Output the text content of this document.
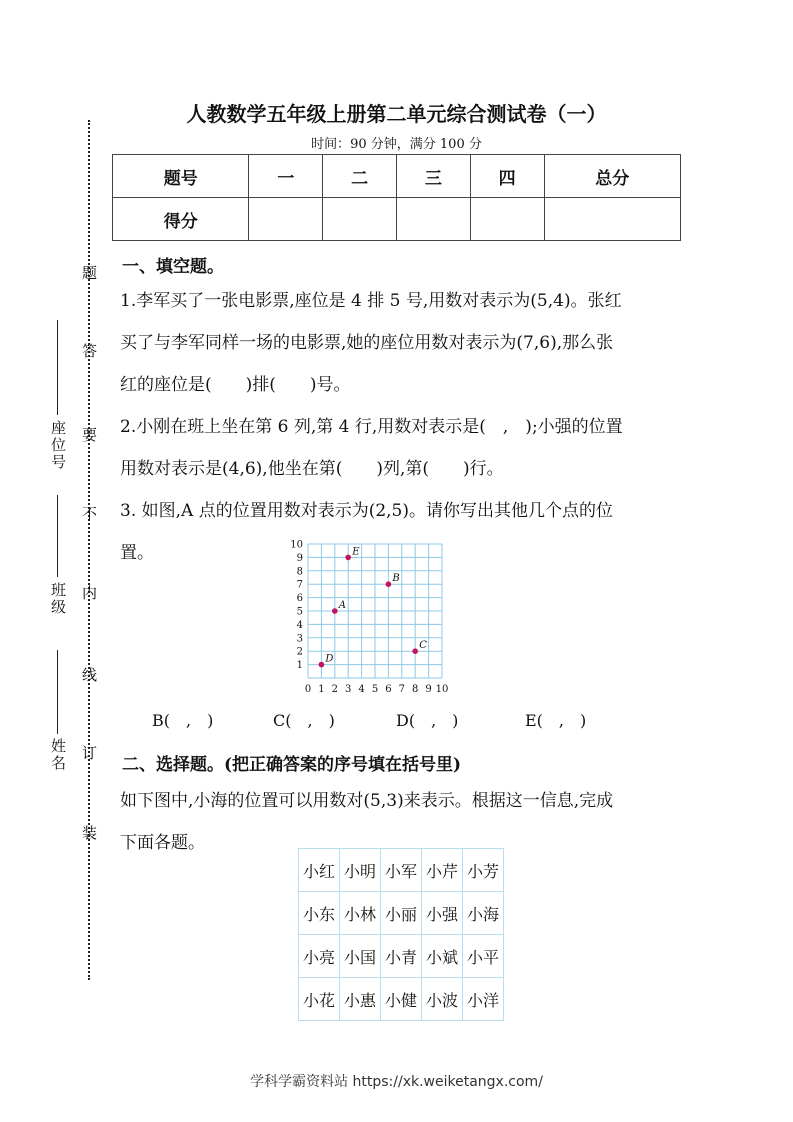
座位号
班级
姓名
题
答
要
不
内
线
订
装
人教数学五年级上册第二单元综合测试卷（一）
时间：90 分钟，满分 100 分
题号	一	二	三	四	总分
得分					
一、填空题。
1.李军买了一张电影票,座位是 4 排 5 号,用数对表示为(5,4)。张红
买了与李军同样一场的电影票,她的座位用数对表示为(7,6),那么张
红的座位是(　　)排(　　)号。
2.小刚在班上坐在第 6 列,第 4 行,用数对表示是(　,　);小强的位置
用数对表示是(4,6),他坐在第(　　)列,第(　　)行。
3. 如图,A 点的位置用数对表示为(2,5)。请你写出其他几个点的位
置。
0 1 2 3 4 5 6 7 8 9 10
1
2
3
4
5
6
7
8
9
10
A
B
C
D
E
B(　,　)	C(　,　)	D(　,　)	E(　,　)
二、选择题。(把正确答案的序号填在括号里)
如下图中,小海的位置可以用数对(5,3)来表示。根据这一信息,完成
下面各题。
小红	小明	小军	小芹	小芳
小东	小林	小丽	小强	小海
小亮	小国	小青	小斌	小平
小花	小惠	小健	小波	小洋
学科学霸资料站 https://xk.weiketangx.com/
